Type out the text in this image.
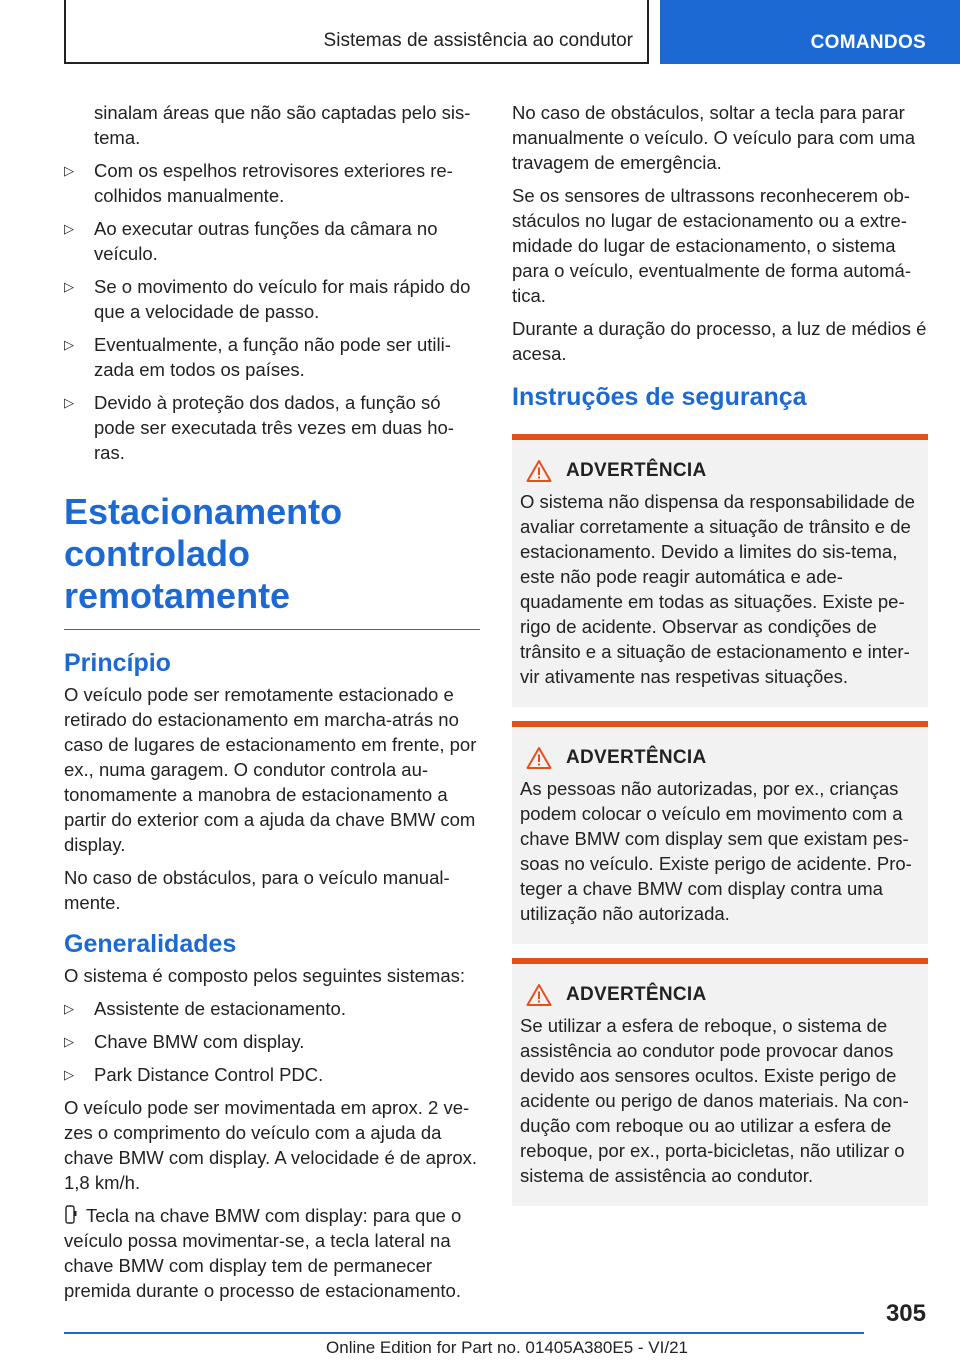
Sistemas de assistência ao condutor	COMANDOS
sinalam áreas que não são captadas pelo sis-tema.
▷ Com os espelhos retrovisores exteriores re-colhidos manualmente.
▷ Ao executar outras funções da câmara no veículo.
▷ Se o movimento do veículo for mais rápido do que a velocidade de passo.
▷ Eventualmente, a função não pode ser utili-zada em todos os países.
▷ Devido à proteção dos dados, a função só pode ser executada três vezes em duas ho-ras.
Estacionamento controlado remotamente
Princípio

O veículo pode ser remotamente estacionado e retirado do estacionamento em marcha-atrás no caso de lugares de estacionamento em frente, por ex., numa garagem. O condutor controla au-tonomamente a manobra de estacionamento a partir do exterior com a ajuda da chave BMW com display.

No caso de obstáculos, para o veículo manual-mente.

Generalidades

O sistema é composto pelos seguintes sistemas:

▷ Assistente de estacionamento.
▷ Chave BMW com display.
▷ Park Distance Control PDC.

O veículo pode ser movimentada em aprox. 2 ve-zes o comprimento do veículo com a ajuda da chave BMW com display. A velocidade é de aprox. 1,8 km/h.

Tecla na chave BMW com display: para que o veículo possa movimentar-se, a tecla lateral na chave BMW com display tem de permanecer premida durante o processo de estacionamento.

No caso de obstáculos, soltar a tecla para parar manualmente o veículo. O veículo para com uma travagem de emergência.

Se os sensores de ultrassons reconhecerem ob-stáculos no lugar de estacionamento ou a extre-midade do lugar de estacionamento, o sistema para o veículo, eventualmente de forma automá-tica.

Durante a duração do processo, a luz de médios é acesa.

Instruções de segurança
ADVERTÊNCIA

O sistema não dispensa da responsabilidade de avaliar corretamente a situação de trânsito e de estacionamento. Devido a limites do sis-tema, este não pode reagir automática e ade-quadamente em todas as situações. Existe pe-rigo de acidente. Observar as condições de trânsito e a situação de estacionamento e inter-vir ativamente nas respetivas situações.

ADVERTÊNCIA

As pessoas não autorizadas, por ex., crianças podem colocar o veículo em movimento com a chave BMW com display sem que existam pes-soas no veículo. Existe perigo de acidente. Pro-teger a chave BMW com display contra uma utilização não autorizada.

ADVERTÊNCIA

Se utilizar a esfera de reboque, o sistema de assistência ao condutor pode provocar danos devido aos sensores ocultos. Existe perigo de acidente ou perigo de danos materiais. Na con-dução com reboque ou ao utilizar a esfera de reboque, por ex., porta-bicicletas, não utilizar o sistema de assistência ao condutor.

305
Online Edition for Part no. 01405A380E5 - VI/21
